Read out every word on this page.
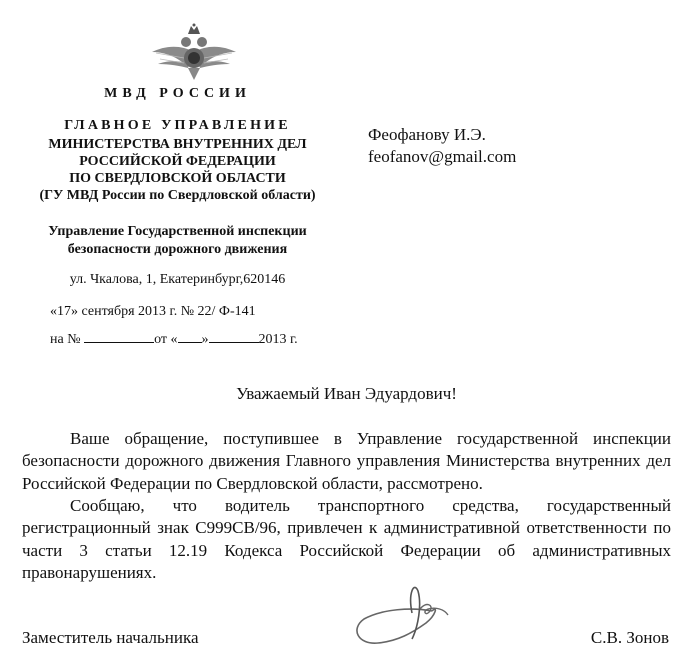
МВД РОССИИ
ГЛАВНОЕ УПРАВЛЕНИЕ
МИНИСТЕРСТВА ВНУТРЕННИХ ДЕЛ
РОССИЙСКОЙ ФЕДЕРАЦИИ
ПО СВЕРДЛОВСКОЙ ОБЛАСТИ
(ГУ МВД России по Свердловской области)
Управление Государственной инспекции
безопасности дорожного движения
ул. Чкалова, 1, Екатеринбург,620146
«17» сентября 2013 г. № 22/ Ф-141
на №	от « »	2013 г.
Феофанову И.Э.
feofanov@gmail.com
Уважаемый Иван Эдуардович!
Ваше обращение, поступившее в Управление государственной инспекции безопасности дорожного движения Главного управления Министерства внутренних дел Российской Федерации по Свердловской области, рассмотрено.
Сообщаю, что водитель транспортного средства, государственный регистрационный знак С999СВ/96, привлечен к административной ответственности по части 3 статьи 12.19 Кодекса Российской Федерации об административных правонарушениях.
Заместитель начальника	С.В. Зонов
